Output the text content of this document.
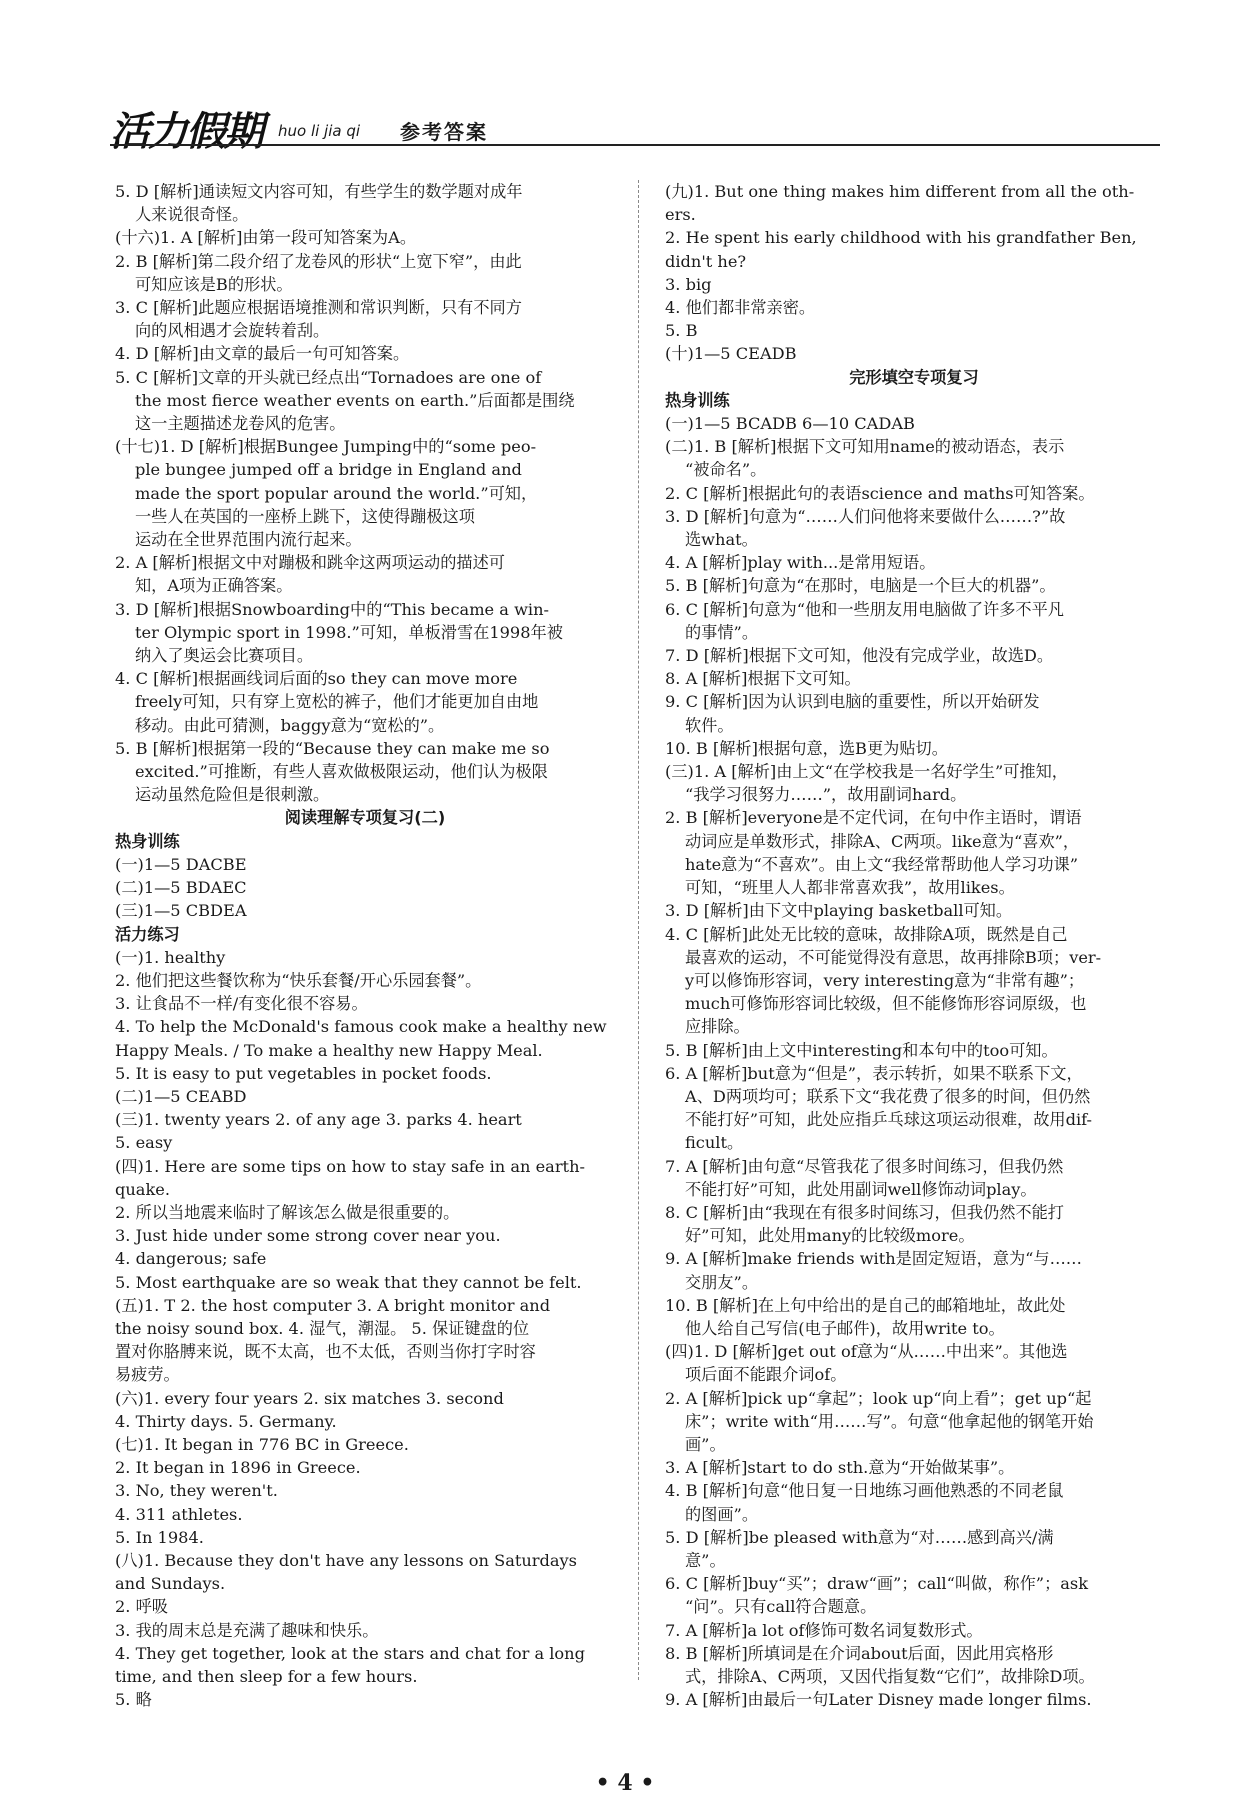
活力假期 huo li jia qi 参考答案

5. D [解析]通读短文内容可知，有些学生的数学题对成年

人来说很奇怪。

(十六)1. A [解析]由第一段可知答案为A。

2. B [解析]第二段介绍了龙卷风的形状“上宽下窄”，由此

可知应该是B的形状。

3. C [解析]此题应根据语境推测和常识判断，只有不同方

向的风相遇才会旋转着刮。

4. D [解析]由文章的最后一句可知答案。

5. C [解析]文章的开头就已经点出“Tornadoes are one of

the most fierce weather events on earth.”后面都是围绕

这一主题描述龙卷风的危害。

(十七)1. D [解析]根据Bungee Jumping中的“some peo-

ple bungee jumped off a bridge in England and

made the sport popular around the world.”可知，

一些人在英国的一座桥上跳下，这使得蹦极这项

运动在全世界范围内流行起来。

2. A [解析]根据文中对蹦极和跳伞这两项运动的描述可

知，A项为正确答案。

3. D [解析]根据Snowboarding中的“This became a win-

ter Olympic sport in 1998.”可知，单板滑雪在1998年被

纳入了奥运会比赛项目。

4. C [解析]根据画线词后面的so they can move more

freely可知，只有穿上宽松的裤子，他们才能更加自由地

移动。由此可猜测，baggy意为“宽松的”。

5. B [解析]根据第一段的“Because they can make me so

excited.”可推断，有些人喜欢做极限运动，他们认为极限

运动虽然危险但是很刺激。

阅读理解专项复习(二)

热身训练

(一)1—5 DACBE

(二)1—5 BDAEC

(三)1—5 CBDEA

活力练习

(一)1. healthy

2. 他们把这些餐饮称为“快乐套餐/开心乐园套餐”。

3. 让食品不一样/有变化很不容易。

4. To help the McDonald's famous cook make a healthy new

Happy Meals. / To make a healthy new Happy Meal.

5. It is easy to put vegetables in pocket foods.

(二)1—5 CEABD

(三)1. twenty years 2. of any age 3. parks 4. heart

5. easy

(四)1. Here are some tips on how to stay safe in an earth-

quake.

2. 所以当地震来临时了解该怎么做是很重要的。

3. Just hide under some strong cover near you.

4. dangerous; safe

5. Most earthquake are so weak that they cannot be felt.

(五)1. T 2. the host computer 3. A bright monitor and

the noisy sound box. 4. 湿气，潮湿。 5. 保证键盘的位

置对你胳膊来说，既不太高，也不太低，否则当你打字时容

易疲劳。

(六)1. every four years 2. six matches 3. second

4. Thirty days. 5. Germany.

(七)1. It began in 776 BC in Greece.

2. It began in 1896 in Greece.

3. No, they weren't.

4. 311 athletes.

5. In 1984.

(八)1. Because they don't have any lessons on Saturdays

and Sundays.

2. 呼吸

3. 我的周末总是充满了趣味和快乐。

4. They get together, look at the stars and chat for a long

time, and then sleep for a few hours.

5. 略

(九)1. But one thing makes him different from all the oth-

ers.

2. He spent his early childhood with his grandfather Ben,

didn't he?

3. big

4. 他们都非常亲密。

5. B

(十)1—5 CEADB

完形填空专项复习

热身训练

(一)1—5 BCADB 6—10 CADAB

(二)1. B [解析]根据下文可知用name的被动语态，表示

“被命名”。

2. C [解析]根据此句的表语science and maths可知答案。

3. D [解析]句意为“……人们问他将来要做什么……?”故

选what。

4. A [解析]play with...是常用短语。

5. B [解析]句意为“在那时，电脑是一个巨大的机器”。

6. C [解析]句意为“他和一些朋友用电脑做了许多不平凡

的事情”。

7. D [解析]根据下文可知，他没有完成学业，故选D。

8. A [解析]根据下文可知。

9. C [解析]因为认识到电脑的重要性，所以开始研发

软件。

10. B [解析]根据句意，选B更为贴切。

(三)1. A [解析]由上文“在学校我是一名好学生”可推知，

“我学习很努力……”，故用副词hard。

2. B [解析]everyone是不定代词，在句中作主语时，谓语

动词应是单数形式，排除A、C两项。like意为“喜欢”，

hate意为“不喜欢”。由上文“我经常帮助他人学习功课”

可知，“班里人人都非常喜欢我”，故用likes。

3. D [解析]由下文中playing basketball可知。

4. C [解析]此处无比较的意味，故排除A项，既然是自己

最喜欢的运动，不可能觉得没有意思，故再排除B项；ver-

y可以修饰形容词，very interesting意为“非常有趣”；

much可修饰形容词比较级，但不能修饰形容词原级，也

应排除。

5. B [解析]由上文中interesting和本句中的too可知。

6. A [解析]but意为“但是”，表示转折，如果不联系下文，

A、D两项均可；联系下文“我花费了很多的时间，但仍然

不能打好”可知，此处应指乒乓球这项运动很难，故用dif-

ficult。

7. A [解析]由句意“尽管我花了很多时间练习，但我仍然

不能打好”可知，此处用副词well修饰动词play。

8. C [解析]由“我现在有很多时间练习，但我仍然不能打

好”可知，此处用many的比较级more。

9. A [解析]make friends with是固定短语，意为“与……

交朋友”。

10. B [解析]在上句中给出的是自己的邮箱地址，故此处

他人给自己写信(电子邮件)，故用write to。

(四)1. D [解析]get out of意为“从……中出来”。其他选

项后面不能跟介词of。

2. A [解析]pick up“拿起”；look up“向上看”；get up“起

床”；write with“用……写”。句意“他拿起他的钢笔开始

画”。

3. A [解析]start to do sth.意为“开始做某事”。

4. B [解析]句意“他日复一日地练习画他熟悉的不同老鼠

的图画”。

5. D [解析]be pleased with意为“对……感到高兴/满

意”。

6. C [解析]buy“买”；draw“画”；call“叫做，称作”；ask

“问”。只有call符合题意。

7. A [解析]a lot of修饰可数名词复数形式。

8. B [解析]所填词是在介词about后面，因此用宾格形

式，排除A、C两项，又因代指复数“它们”，故排除D项。

9. A [解析]由最后一句Later Disney made longer films.

• 4 •
